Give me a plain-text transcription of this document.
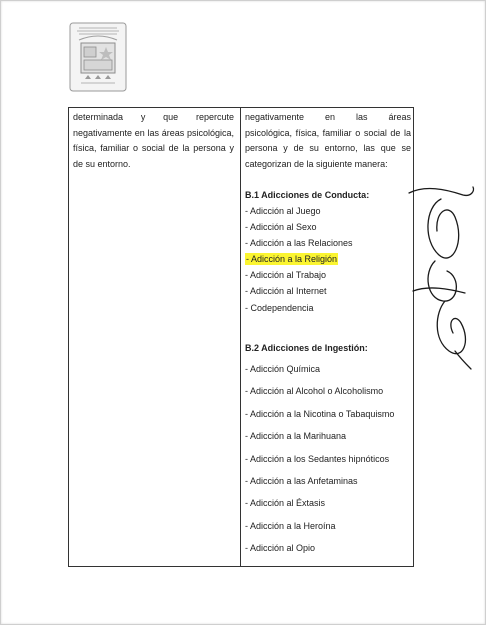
determinada y que repercute
negativamente en las áreas psicológica,
física, familiar o social de la persona y
de su entorno.
negativamente en las áreas
psicológica, física, familiar o social de la
persona y de su entorno, las que se
categorizan de la siguiente manera:
B.1 Adicciones de Conducta:
- Adicción al Juego
- Adicción al Sexo
- Adicción a las Relaciones
- Adicción a la Religión
- Adicción al Trabajo
- Adicción al Internet
- Codependencia
B.2 Adicciones de Ingestión:
- Adicción Química
- Adicción al Alcohol o Alcoholismo
- Adicción a la Nicotina o Tabaquismo
- Adicción a la Marihuana
- Adicción a los Sedantes hipnóticos
- Adicción a las Anfetaminas
- Adicción al Éxtasis
- Adicción a la Heroína
- Adicción al Opio
